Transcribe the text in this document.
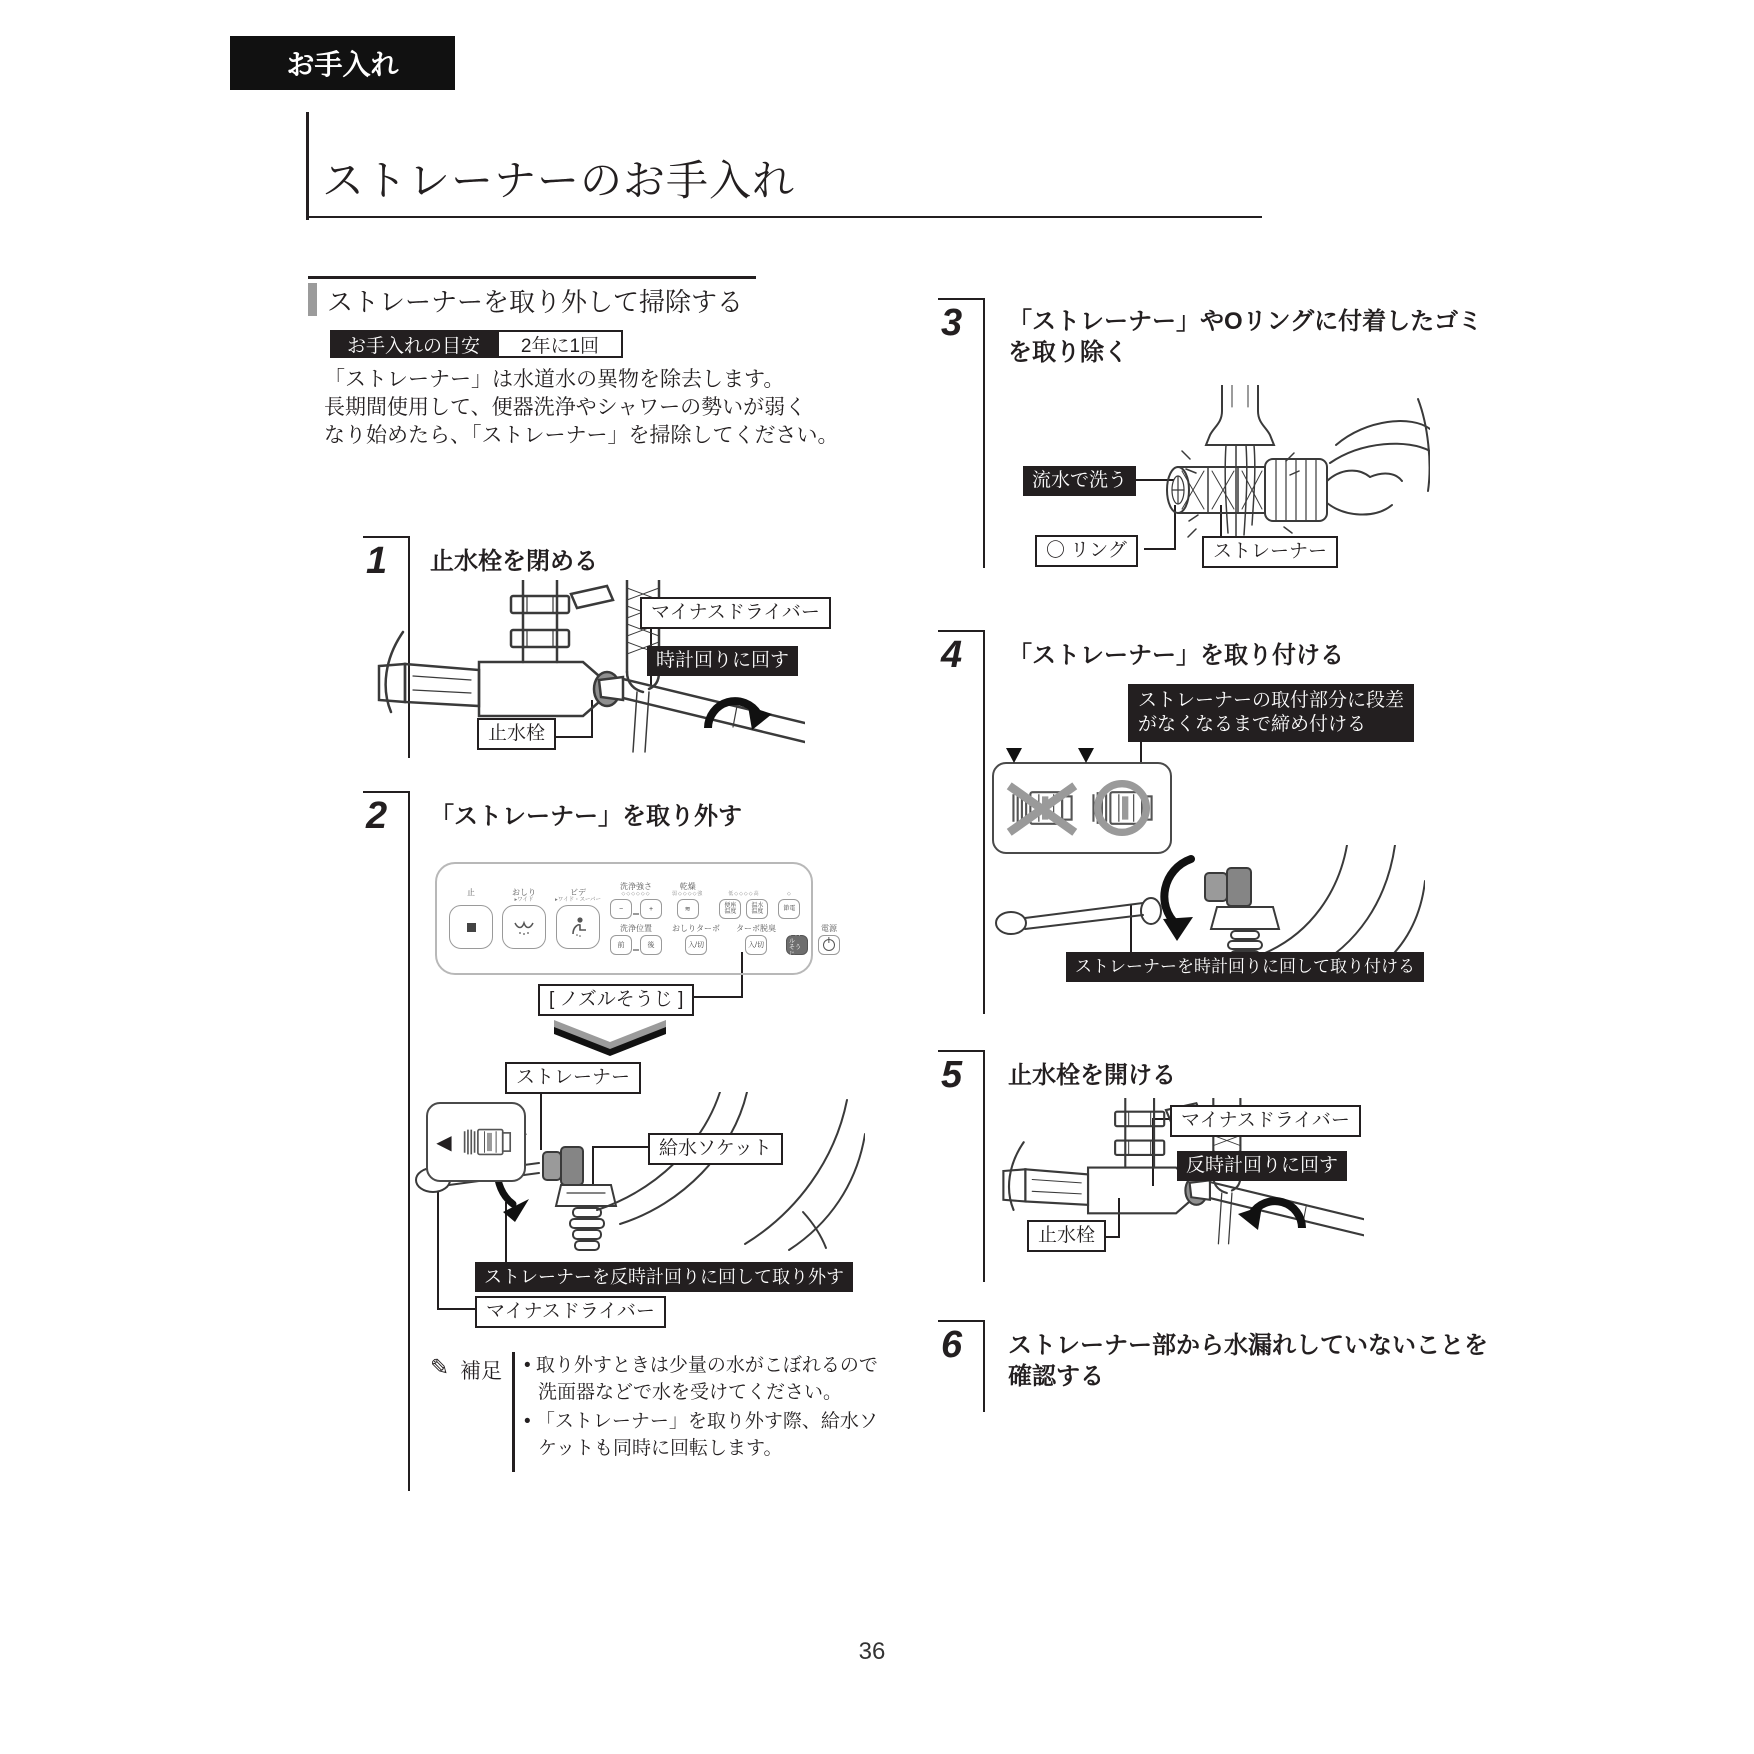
お手入れ
ストレーナーのお手入れ
ストレーナーを取り外して掃除する
お手入れの目安 2年に1回
「ストレーナー」は水道水の異物を除去します。
長期間使用して、便器洗浄やシャワーの勢いが弱く
なり始めたら、「ストレーナー」を掃除してください。
1 止水栓を閉める
マイナスドライバー
時計回りに回す
止水栓
2 「ストレーナー」を取り外す
止
	おしり
▸ワイド
ビデ
▸ワイド・スーパー
洗浄強さ
◇◇◇◇◇◇
−	+
乾燥
弱◇◇◇◇強
≋
低◇◇◇◇高
便座
温度
温水
温度
◇
節電
洗浄位置
前	後
おしりターボ
入/切
ターボ脱臭
入/切
ノズル
そうじ
電源
[ ノズルそうじ ]
ストレーナー
◀	給水ソケット
ストレーナーを反時計回りに回して取り外す
マイナスドライバー
✎ 補足 • 取り外すときは少量の水がこぼれるので洗面器などで水を受けてください。
• 「ストレーナー」を取り外す際、給水ソケットも同時に回転します。
3 「ストレーナー」やOリングに付着したゴミ
を取り除く
流水で洗う
〇 リング	ストレーナー
4 「ストレーナー」を取り付ける
ストレーナーの取付部分に段差
がなくなるまで締め付ける
ストレーナーを時計回りに回して取り付ける
5 止水栓を開ける
マイナスドライバー
反時計回りに回す
止水栓
6 ストレーナー部から水漏れしていないことを
確認する
36
